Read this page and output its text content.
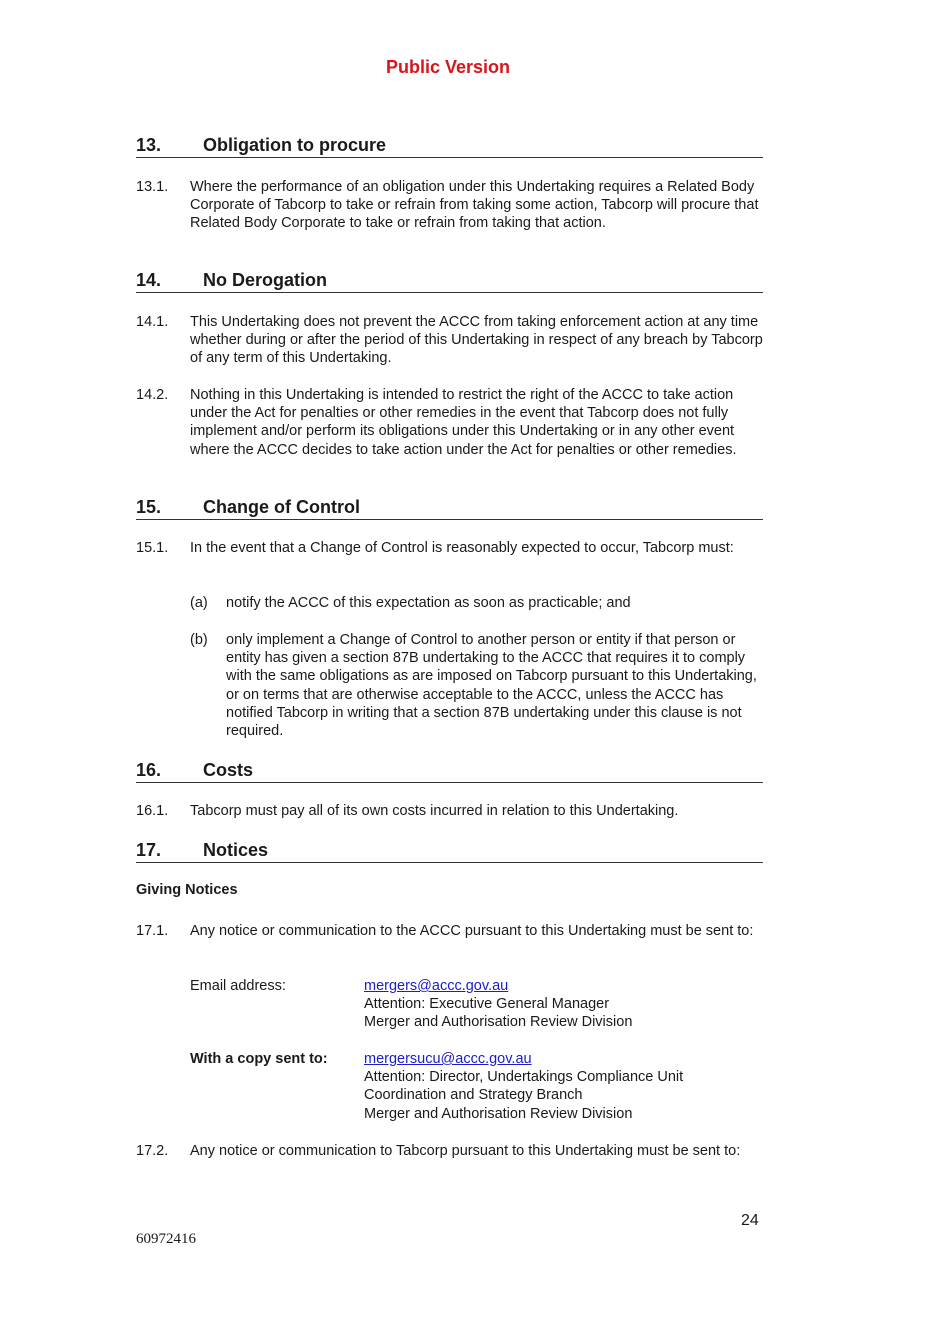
Public Version
13. Obligation to procure
13.1. Where the performance of an obligation under this Undertaking requires a Related Body Corporate of Tabcorp to take or refrain from taking some action, Tabcorp will procure that Related Body Corporate to take or refrain from taking that action.
14. No Derogation
14.1. This Undertaking does not prevent the ACCC from taking enforcement action at any time whether during or after the period of this Undertaking in respect of any breach by Tabcorp of any term of this Undertaking.
14.2. Nothing in this Undertaking is intended to restrict the right of the ACCC to take action under the Act for penalties or other remedies in the event that Tabcorp does not fully implement and/or perform its obligations under this Undertaking or in any other event where the ACCC decides to take action under the Act for penalties or other remedies.
15. Change of Control
15.1. In the event that a Change of Control is reasonably expected to occur, Tabcorp must:
(a) notify the ACCC of this expectation as soon as practicable; and
(b) only implement a Change of Control to another person or entity if that person or entity has given a section 87B undertaking to the ACCC that requires it to comply with the same obligations as are imposed on Tabcorp pursuant to this Undertaking, or on terms that are otherwise acceptable to the ACCC, unless the ACCC has notified Tabcorp in writing that a section 87B undertaking under this clause is not required.
16. Costs
16.1. Tabcorp must pay all of its own costs incurred in relation to this Undertaking.
17. Notices
Giving Notices
17.1. Any notice or communication to the ACCC pursuant to this Undertaking must be sent to:
Email address:	mergers@accc.gov.au
Attention: Executive General Manager
Merger and Authorisation Review Division
With a copy sent to:	mergersucu@accc.gov.au
Attention: Director, Undertakings Compliance Unit
Coordination and Strategy Branch
Merger and Authorisation Review Division
17.2. Any notice or communication to Tabcorp pursuant to this Undertaking must be sent to:
24
60972416
